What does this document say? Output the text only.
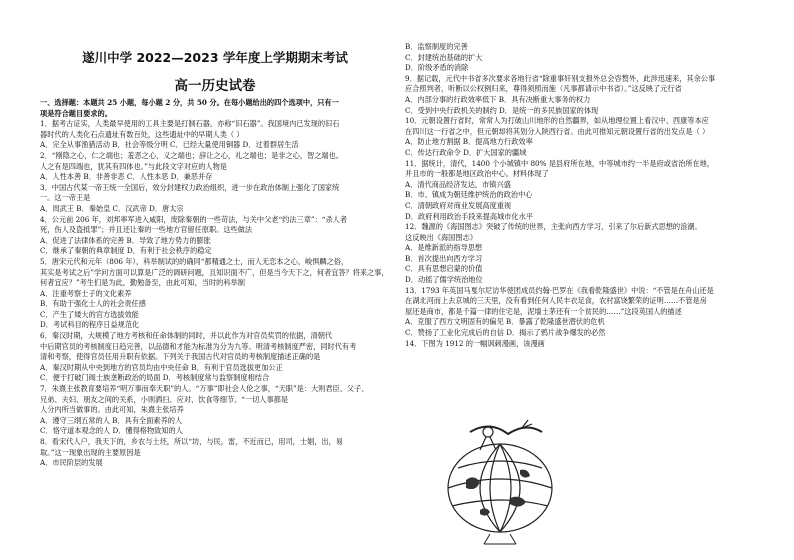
遂川中学 2022—2023 学年度上学期期末考试
高一历史试卷
一、选择题：本题共 25 小题，每小题 2 分，共 50 分。在每小题给出的四个选项中，只有一
项是符合题目要求的。
1．据考古证实，人类最早使用的工具主要是打制石器，亦称“旧石器”。我国境内已发现的旧石
器时代的人类化石点遗址有数百处，这些遗址中的早期人类（ ）
A．完全从事渔猎活动 B．社会等级分明 C．已经大量使用铜器 D．过着群居生活
2．“刚隐之心，仁之端也；羞恶之心，义之端也；辞让之心，礼之端也；是非之心，智之端也。
人之有是四端也，犹其有四体也。”与此段文字对应的人物是
A．人性本善 B．非善非恶 C．人性本恶 D．兼恶并存
3．中国古代某一帝王统一全国后，效分封建权力政治组织，进一步在政治体制上强化了国家统
一。这一帝王是
A．周武王 B．秦始皇 C．汉武帝 D．唐太宗
4．公元前 206 年，刘邦率军进入咸阳，废除秦朝的一些苛法，与关中父老“约法三章”：“杀人者
死，伤人及盗抵罪”；并且还让秦的一些地方官留任原职。这些做法
A．促进了法律体系的完善 B．导致了地方势力的膨胀
C．继承了秦朝的典章制度 D．有利于社会秩序的稳定
5．唐宋元代和元年（806 年），科举制试的的确同“都精通之士，而人无恋本之心，峻惧麟之俗，
其实是考试之后”学问方面可以算是广泛的调研问题，且知识面不广，但是当今天下之，何者宜答？将来之事，
何者宜应？”考生们是为此，勤勉备至，由此可知，当时的科举制
A．注重考察士子的文化素养
B．有助于强化士人的社会责任感
C．产生了矮大的官方选拔效能
D．考试科目的程序日益规范化
6．秦汉时期，大规模了地方考核和任命体制的同时，并以此作为对官员奖罚的依据，清朝代
中后期官员的考核制度日趋完善，以品德和才能为标准为分为九等。明清考核制度严密，同时代有考
清和考察，使得官员任用升职有依据。下列关于我国古代对官员的考核制度描述正确的是
A．秦汉时期从中央到地方的官员均由中央任命 B．有利于官员选拔更加公正
C．便于打破门阀士族垄断政治的局面 D．考核制度常与监察制度相结合
7．朱熹主张教育要培养“明万事而奉天职”的人。“万事”即社会人伦之事，“天职”是：大则君臣、父子、
兄弟、夫妇、朋友之间的关系，小则洒扫、应对、饮食等细节。“一切人事都是
人分内所当做事的。由此可知，朱熹主张培养
A．遵守三纲五常的人 B．具有全面素养的人
C．恪守道本观念的人 D．懂得格物致知的人
8．看宋代人户，我天下的，乡农与土坯，所以“坊，与民，雷，不近而已，用司，士娼，出，易
取。”这一现象出现的主要原因是
A．市民阶层的发展
B．监察制度的完善
C．封建统治基础的扩大
D．阶级矛盾的消除
9．据记载，元代中书省多次要求各地行省“除重事奸别支报外总会咨赘外，此涉迅速来，其余公事
应合照判者，听断以公权例归来，尊得须照而施（凡事都请示中书省）。”这反映了元行省
A．内部分事的行政效率低下 B．具有决断重大事务的权力
C．受到中央行政机关的制约 D．是统一的多民族国家的体现
10．元朝设置行省时，常常人为打破山川地形的自然疆界，如从地理位置上看汉中、西康等本应
在四川这一行省之中，但元朝却将其划分入陕西行省。由此可推知元朝设置行省的出发点是（ ）
A．防止地方割据 B．提高地方行政效率
C．传达行政命令 D．扩大国家的疆域
11．据统计，清代，1400 个小城镇中 80% 是县府所在地，中等城市约一半是府或省治所在地，
并且市的一般都是地区政治中心。材料体现了
A．清代商品经济发达，市镇兴盛
B．市、镇成为朝廷维护统治的政治中心
C．清朝政府对商业发展高度重视
D．政府利用政治手段来提高城市化水平
12．魏源的《海国图志》突破了传统的世界，主张向西方学习，引来了尔后新式思想的浪潮。
这反映出《海国图志》
A．是维新派的指导思想
B．首次提出向西方学习
C．具有思想启蒙的价值
D．动摇了儒学统治地位
13．1793 年英国马戛尔尼访华使团成员约翰·巴罗在《我看乾隆盛世》中说：“不管是在舟山还是
在湖北河而上去京城的三天里，没有看到任何人民丰衣足食，农村富饶繁荣的证明……不管是房
屋还是商市，都是千篇一律的住宅是，泥墙土茅还有一个贫民的……”这段英国人的描述
A．克服了西方文明固有的偏见 B．暴露了乾隆盛世潜伏的危机
C．赞扬了工业化完成后的自信 D．揭示了鸦片战争爆发的必然
14．下图为 1912 的一幅讽刺漫画，该漫画
